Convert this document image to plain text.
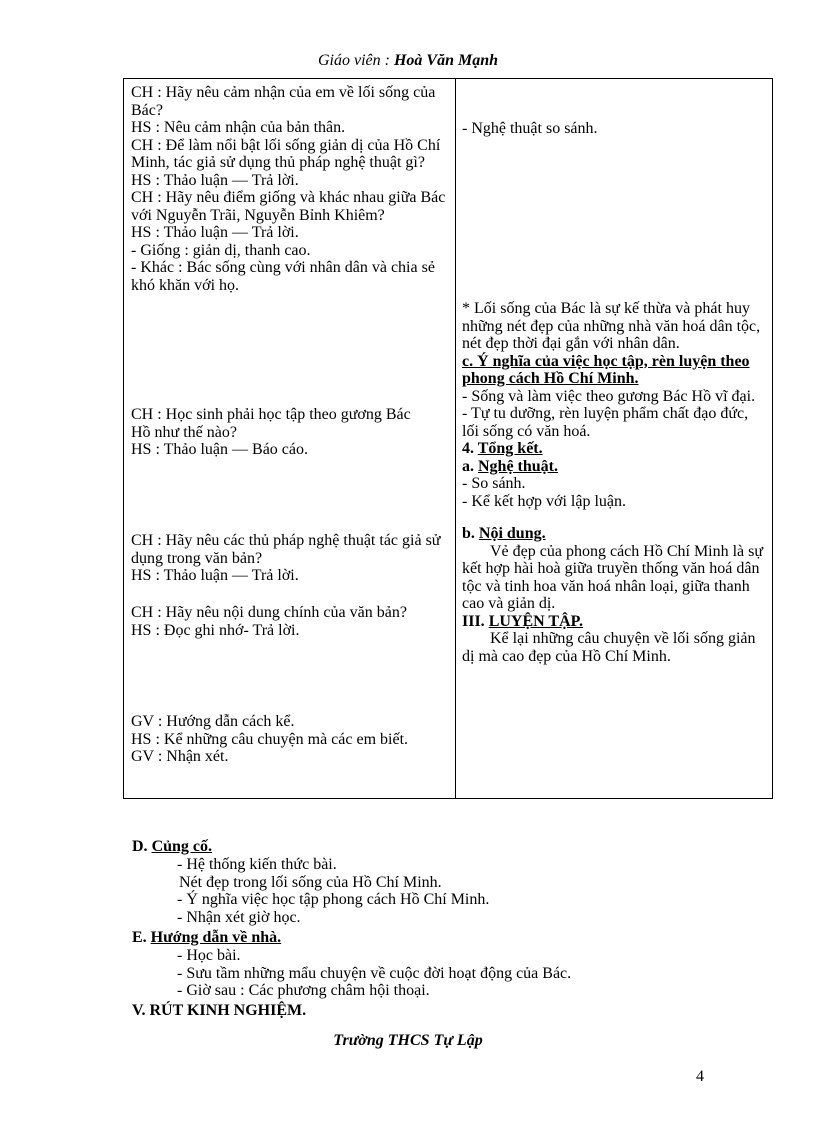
Giáo viên : Hoà Văn Mạnh
CH : Hãy nêu cảm nhận của em về lối sống của Bác?
HS : Nêu cảm nhận của bản thân.
CH : Để làm nổi bật lối sống giản dị của Hồ Chí Minh, tác giả sử dụng thủ pháp nghệ thuật gì?
HS : Thảo luận — Trả lời.
CH : Hãy nêu điểm giống và khác nhau giữa Bác với Nguyễn Trãi, Nguyễn Bỉnh Khiêm?
HS : Thảo luận — Trả lời.
- Giống : giản dị, thanh cao.
- Khác : Bác sống cùng với nhân dân và chia sẻ khó khăn với họ.
CH : Học sinh phải học tập theo gương Bác Hồ như thế nào?
HS : Thảo luận — Báo cáo.
CH : Hãy nêu các thủ pháp nghệ thuật tác giả sử dụng trong văn bản?
HS : Thảo luận — Trả lời.
CH : Hãy nêu nội dung chính của văn bản?
HS : Đọc ghi nhớ- Trả lời.
GV : Hướng dẫn cách kể.
HS : Kể những câu chuyện mà các em biết.
GV : Nhận xét.
- Nghệ thuật so sánh.
* Lối sống của Bác là sự kế thừa và phát huy những nét đẹp của những nhà văn hoá dân tộc, nét đẹp thời đại gắn với nhân dân.
c. Ý nghĩa của việc học tập, rèn luyện theo phong cách Hồ Chí Minh.
- Sống và làm việc theo gương Bác Hồ vĩ đại.
- Tự tu dưỡng, rèn luyện phẩm chất đạo đức, lối sống có văn hoá.
4. Tổng kết.
a. Nghệ thuật.
- So sánh.
- Kể kết hợp với lập luận.
b. Nội dung.
Vẻ đẹp của phong cách Hồ Chí Minh là sự kết hợp hài hoà giữa truyền thống văn hoá dân tộc và tinh hoa văn hoá nhân loại, giữa thanh cao và giản dị.
III. LUYỆN TẬP.
Kể lại những câu chuyện về lối sống giản dị mà cao đẹp của Hồ Chí Minh.
D. Củng cố.
- Hệ thống kiến thức bài.
Nét đẹp trong lối sống của Hồ Chí Minh.
- Ý nghĩa việc học tập phong cách Hồ Chí Minh.
- Nhận xét giờ học.
E. Hướng dẫn về nhà.
- Học bài.
- Sưu tầm những mẩu chuyện về cuộc đời hoạt động của Bác.
- Giờ sau : Các phương châm hội thoại.
V. RÚT KINH NGHIỆM.
Trường THCS Tự Lập
4
